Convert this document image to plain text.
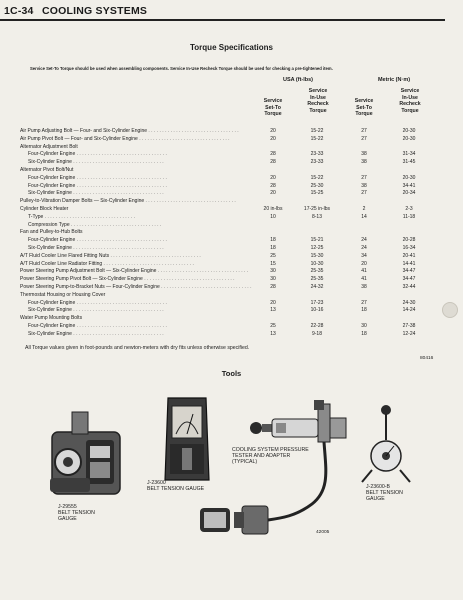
1C-34 COOLING SYSTEMS
Torque Specifications
Service Set-To Torque should be used when assembling components. Service In-Use Recheck Torque should be used for checking a pre-tightened item.
USA (ft-lbs)	Metric (N·m)
Service
Set-To
Torque
Service
In-Use
Recheck
Torque
Service
Set-To
Torque
Service
In-Use
Recheck
Torque
Air Pump Adjusting Bolt — Four- and Six-Cylinder Engine . . .	20	15-22	27	20-30
Air Pump Pivot Bolt — Four- and Six-Cylinder Engine . . .	20	15-22	27	20-30
Alternator Adjustment Bolt
Four-Cylinder Engine . . .	28	23-33	38	31-34
Six-Cylinder Engine . . .	28	23-33	38	31-45
Alternator Pivot Bolt/Nut
Four-Cylinder Engine . . .	20	15-22	27	20-30
Four-Cylinder Engine . . .	28	25-30	38	34-41
Six-Cylinder Engine . . .	20	15-25	27	20-34
Pulley-to-Vibration Damper Bolts — Six-Cylinder Engine . . .
Cylinder Block Heater	20 in-lbs	17-25 in-lbs	2	2-3
T-Type . . .	10	8-13	14	11-18
Compression Type . . .
Fan and Pulley-to-Hub Bolts
Four-Cylinder Engine . . .	18	15-21	24	20-28
Six-Cylinder Engine . . .	18	12-25	24	16-34
A/T Fluid Cooler Line Flared Fitting Nuts . . .	25	15-30	34	20-41
A/T Fluid Cooler Line Radiator Fitting . . .	15	10-30	20	14-41
Power Steering Pump Adjustment Bolt — Six-Cylinder Engine . . .	30	25-35	41	34-47
Power Steering Pump Pivot Bolt — Six-Cylinder Engine . . .	30	25-35	41	34-47
Power Steering Pump-to-Bracket Nuts — Four-Cylinder Engine . . .	28	24-32	38	32-44
Thermostat Housing or Housing Cover
Four-Cylinder Engine . . .	20	17-23	27	24-30
Six-Cylinder Engine . . .	13	10-16	18	14-24
Water Pump Mounting Bolts
Four-Cylinder Engine . . .	25	22-28	30	27-38
Six-Cylinder Engine . . .	13	9-18	18	12-24
All Torque values given in foot-pounds and newton-meters with dry fits unless otherwise specified.
80416
Tools
J-29555
BELT TENSION
GAUGE
J-23600
BELT TENSION GAUGE
COOLING SYSTEM PRESSURE
TESTER AND ADAPTER
(TYPICAL)
J-23600-B
BELT TENSION
GAUGE
42005
